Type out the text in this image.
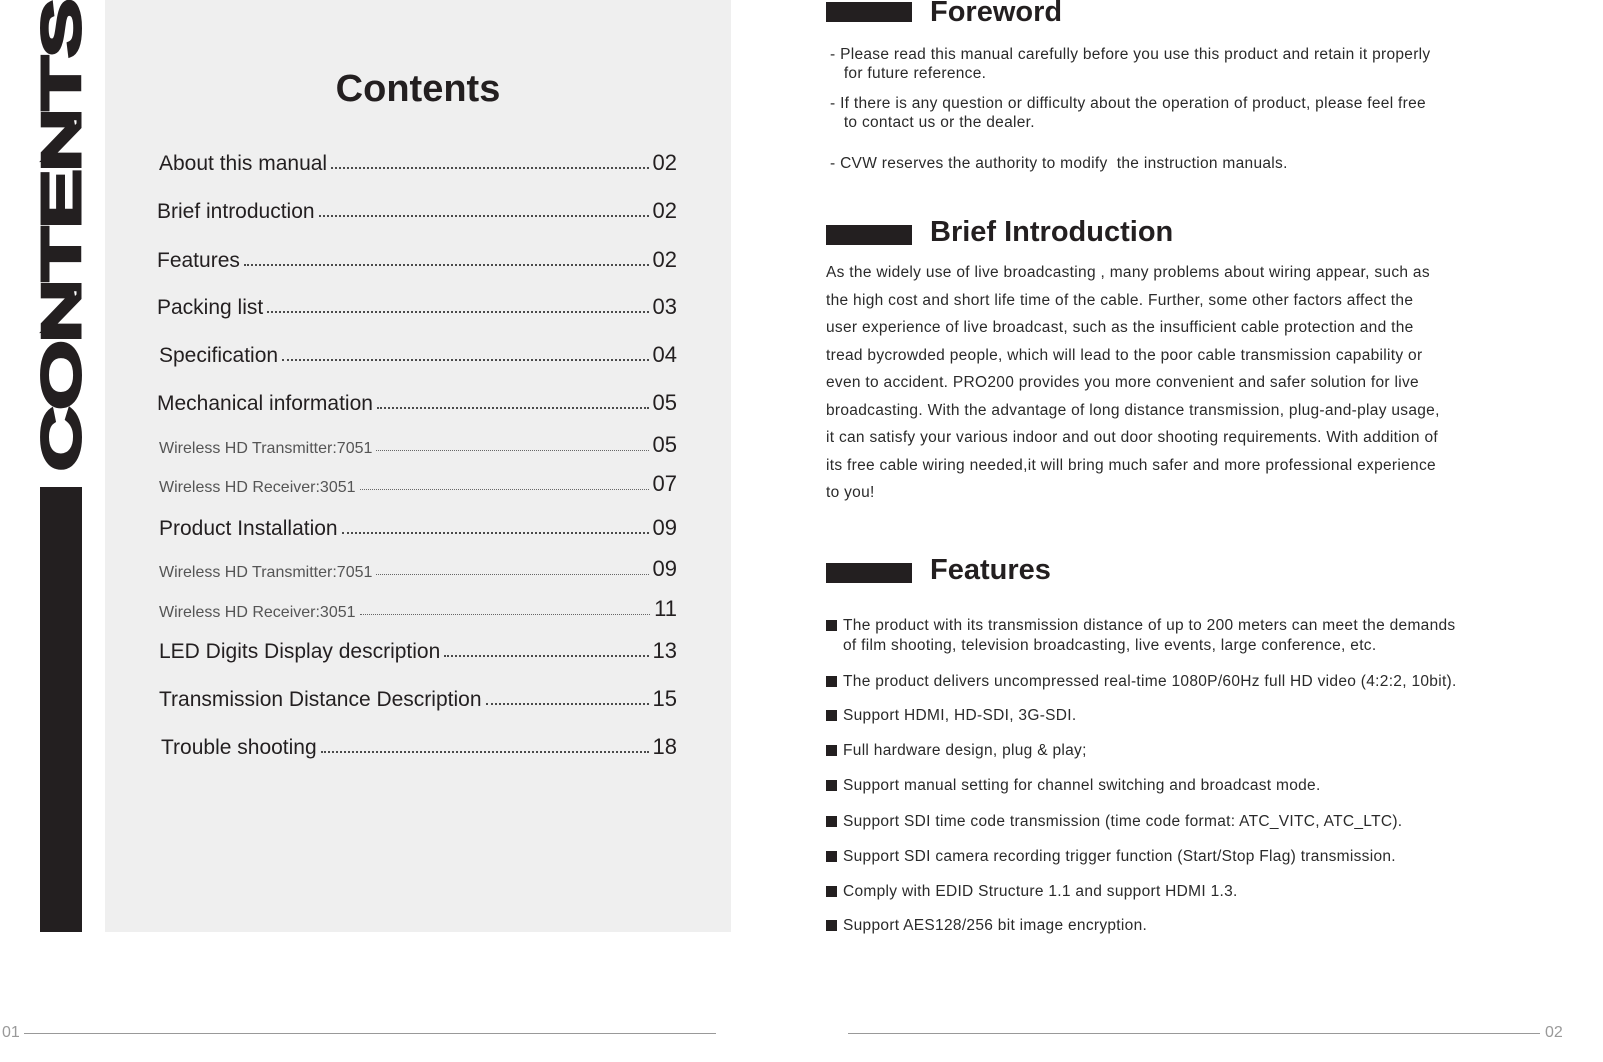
CONTENTS
Contents
About this manual	02
Brief introduction	02
Features	02
Packing list	03
Specification	04
Mechanical information	05
Wireless HD Transmitter:7051	05
Wireless HD Receiver:3051	07
Product Installation	09
Wireless HD Transmitter:7051	09
Wireless HD Receiver:3051	11
LED Digits Display description	13
Transmission Distance Description	15
Trouble shooting	18
Foreword
- Please read this manual carefully before you use this product and retain it properly
for future reference.
- If there is any question or difficulty about the operation of product, please feel free
to contact us or the dealer.
- CVW reserves the authority to modify  the instruction manuals.
Brief Introduction
As the widely use of live broadcasting , many problems about wiring appear, such as
the high cost and short life time of the cable. Further, some other factors affect the
user experience of live broadcast, such as the insufficient cable protection and the
tread bycrowded people, which will lead to the poor cable transmission capability or
even to accident. PRO200 provides you more convenient and safer solution for live
broadcasting. With the advantage of long distance transmission, plug-and-play usage,
it can satisfy your various indoor and out door shooting requirements. With addition of
its free cable wiring needed,it will bring much safer and more professional experience
to you!
Features
The product with its transmission distance of up to 200 meters can meet the demands
of film shooting, television broadcasting, live events, large conference, etc.
The product delivers uncompressed real-time 1080P/60Hz full HD video (4:2:2, 10bit).
Support HDMI, HD-SDI, 3G-SDI.
Full hardware design, plug & play;
Support manual setting for channel switching and broadcast mode.
Support SDI time code transmission (time code format: ATC_VITC, ATC_LTC).
Support SDI camera recording trigger function (Start/Stop Flag) transmission.
Comply with EDID Structure 1.1 and support HDMI 1.3.
Support AES128/256 bit image encryption.
01	02
